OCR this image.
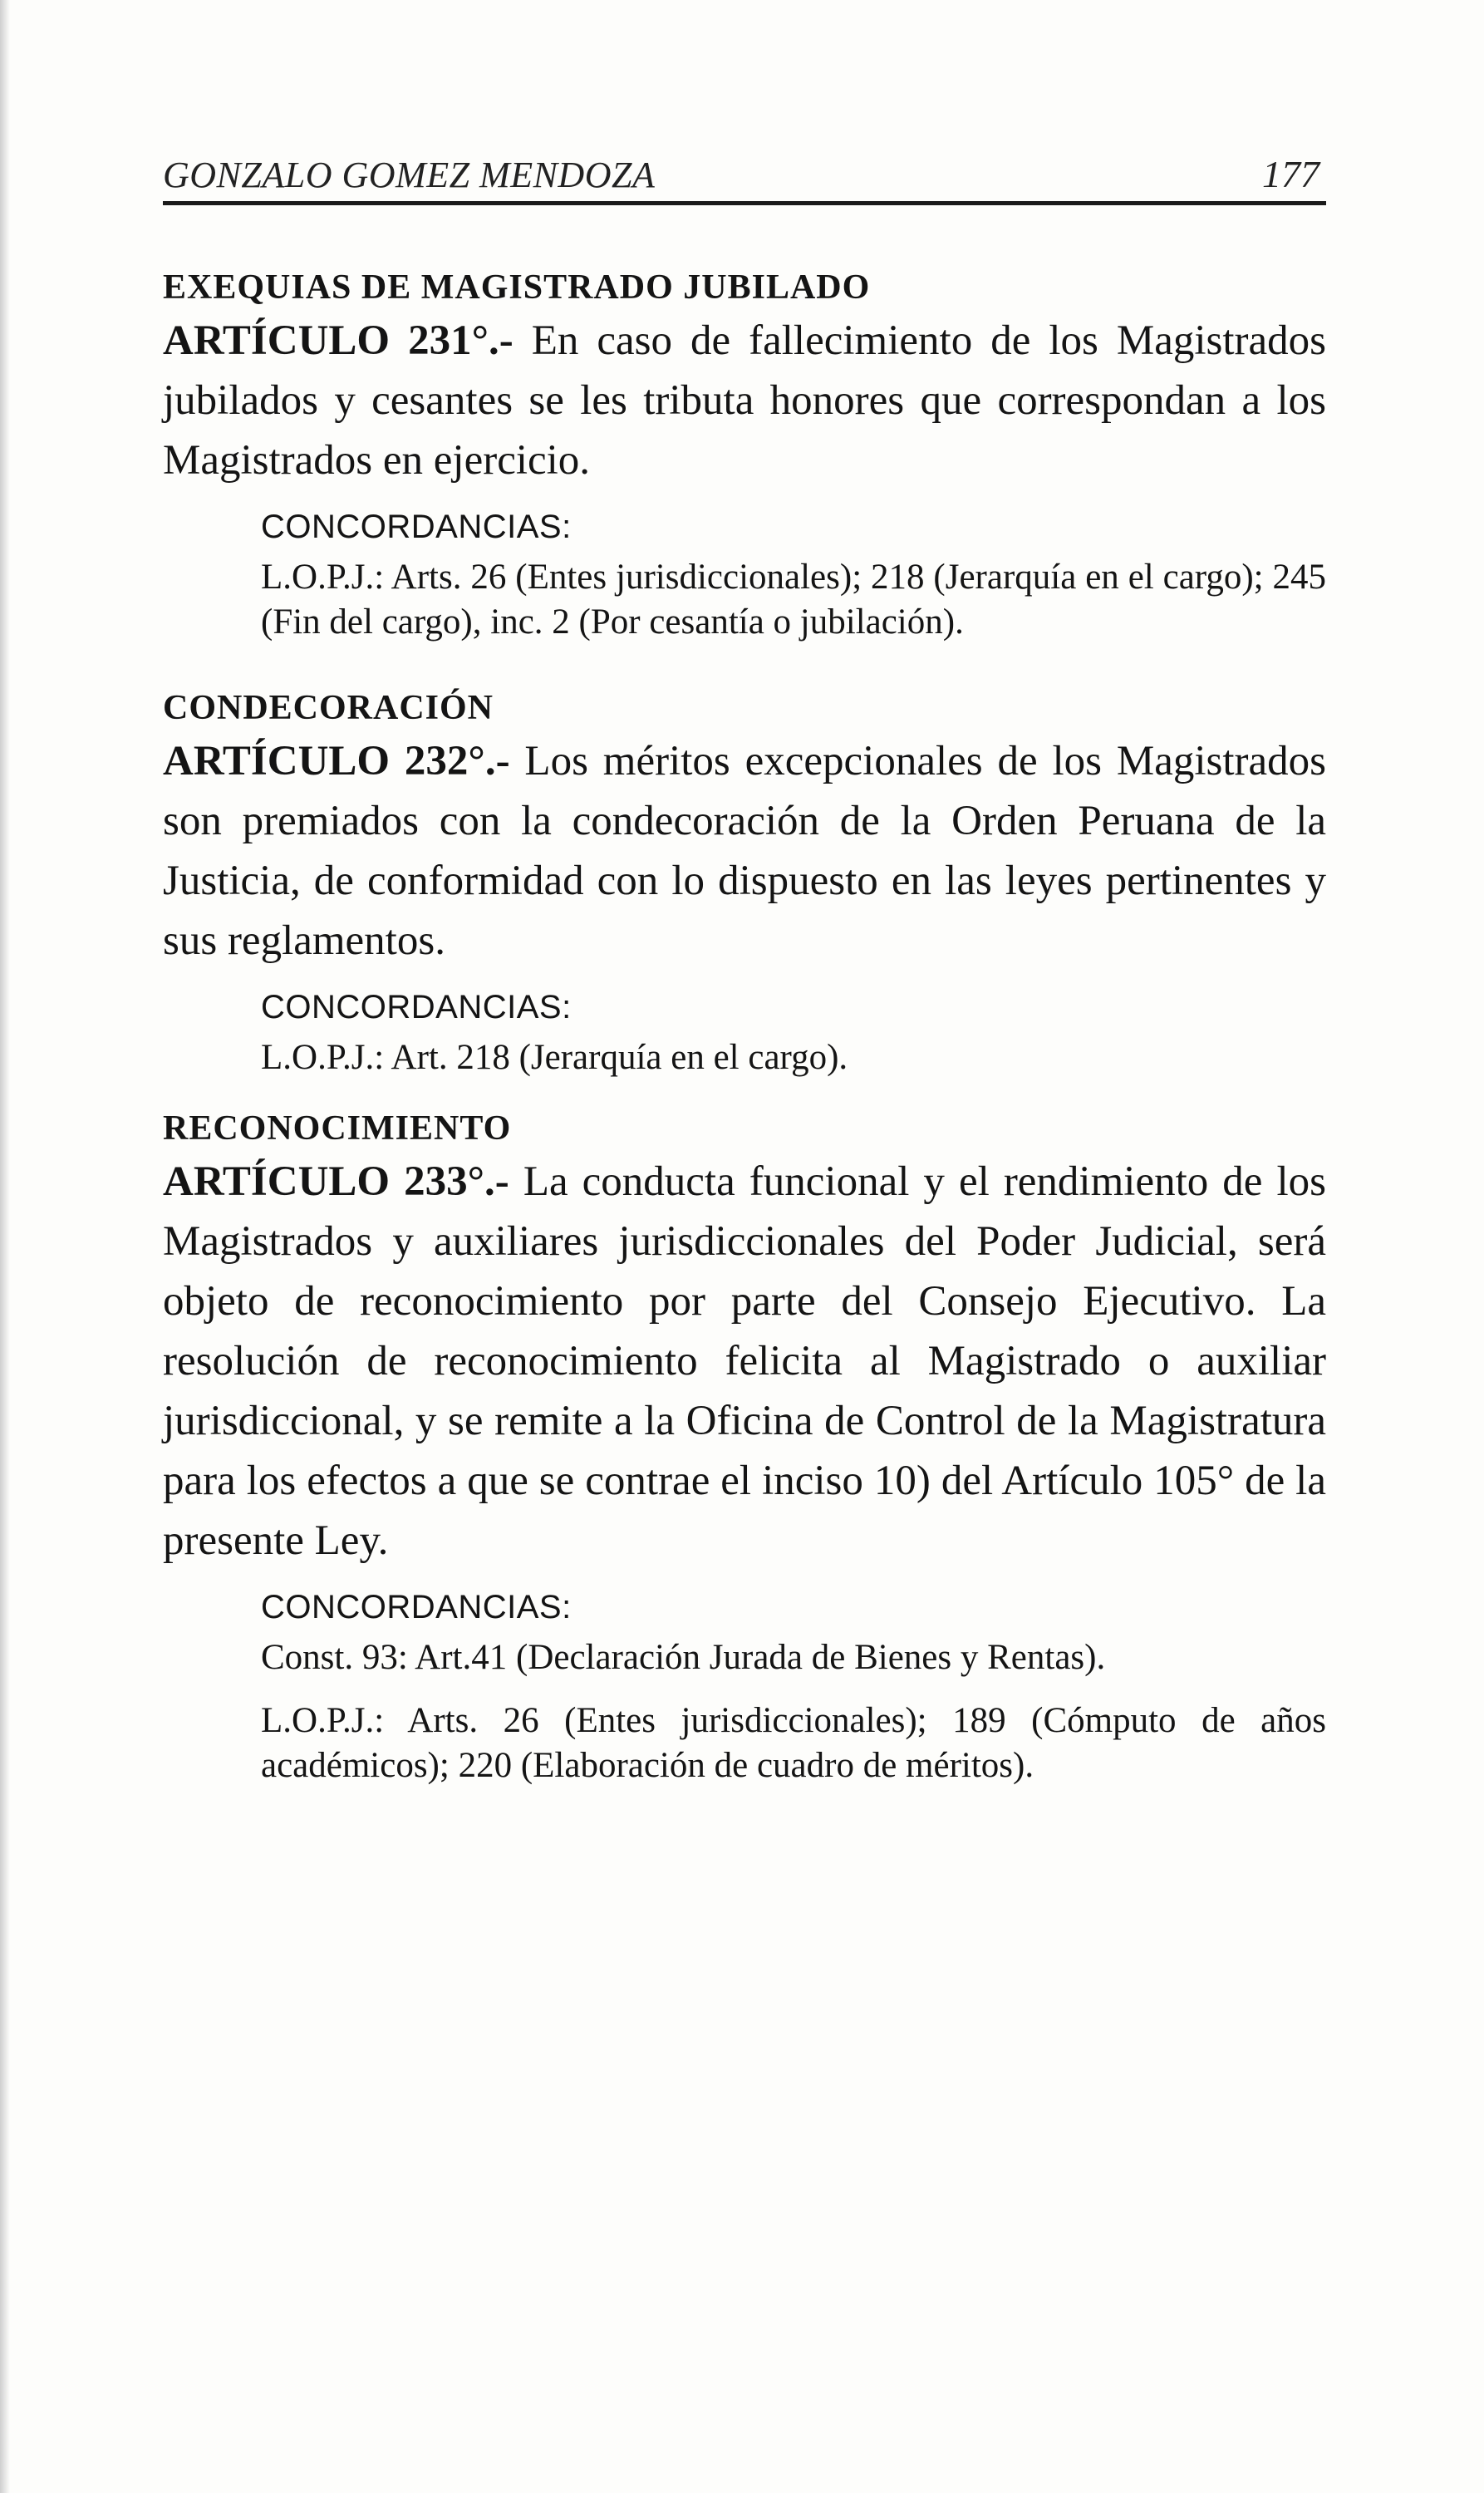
GONZALO GOMEZ MENDOZA	177

EXEQUIAS DE MAGISTRADO JUBILADO

ARTÍCULO 231°.- En caso de fallecimiento de los Magistrados jubilados y cesantes se les tributa honores que correspondan a los Magistrados en ejercicio.

CONCORDANCIAS:

L.O.P.J.: Arts. 26 (Entes jurisdiccionales); 218 (Jerarquía en el cargo); 245 (Fin del cargo), inc. 2 (Por cesantía o jubilación).

CONDECORACIÓN

ARTÍCULO 232°.- Los méritos excepcionales de los Magistrados son premiados con la condecoración de la Orden Peruana de la Justicia, de conformidad con lo dispuesto en las leyes pertinentes y sus reglamentos.

CONCORDANCIAS:

L.O.P.J.: Art. 218 (Jerarquía en el cargo).

RECONOCIMIENTO

ARTÍCULO 233°.- La conducta funcional y el rendimiento de los Magistrados y auxiliares jurisdiccionales del Poder Judicial, será objeto de reconocimiento por parte del Consejo Ejecutivo. La resolución de reconocimiento felicita al Magistrado o auxiliar jurisdiccional, y se remite a la Oficina de Control de la Magistratura para los efectos a que se contrae el inciso 10) del Artículo 105° de la presente Ley.

CONCORDANCIAS:

Const. 93: Art.41 (Declaración Jurada de Bienes y Rentas).

L.O.P.J.: Arts. 26 (Entes jurisdiccionales); 189 (Cómputo de años académicos); 220 (Elaboración de cuadro de méritos).
